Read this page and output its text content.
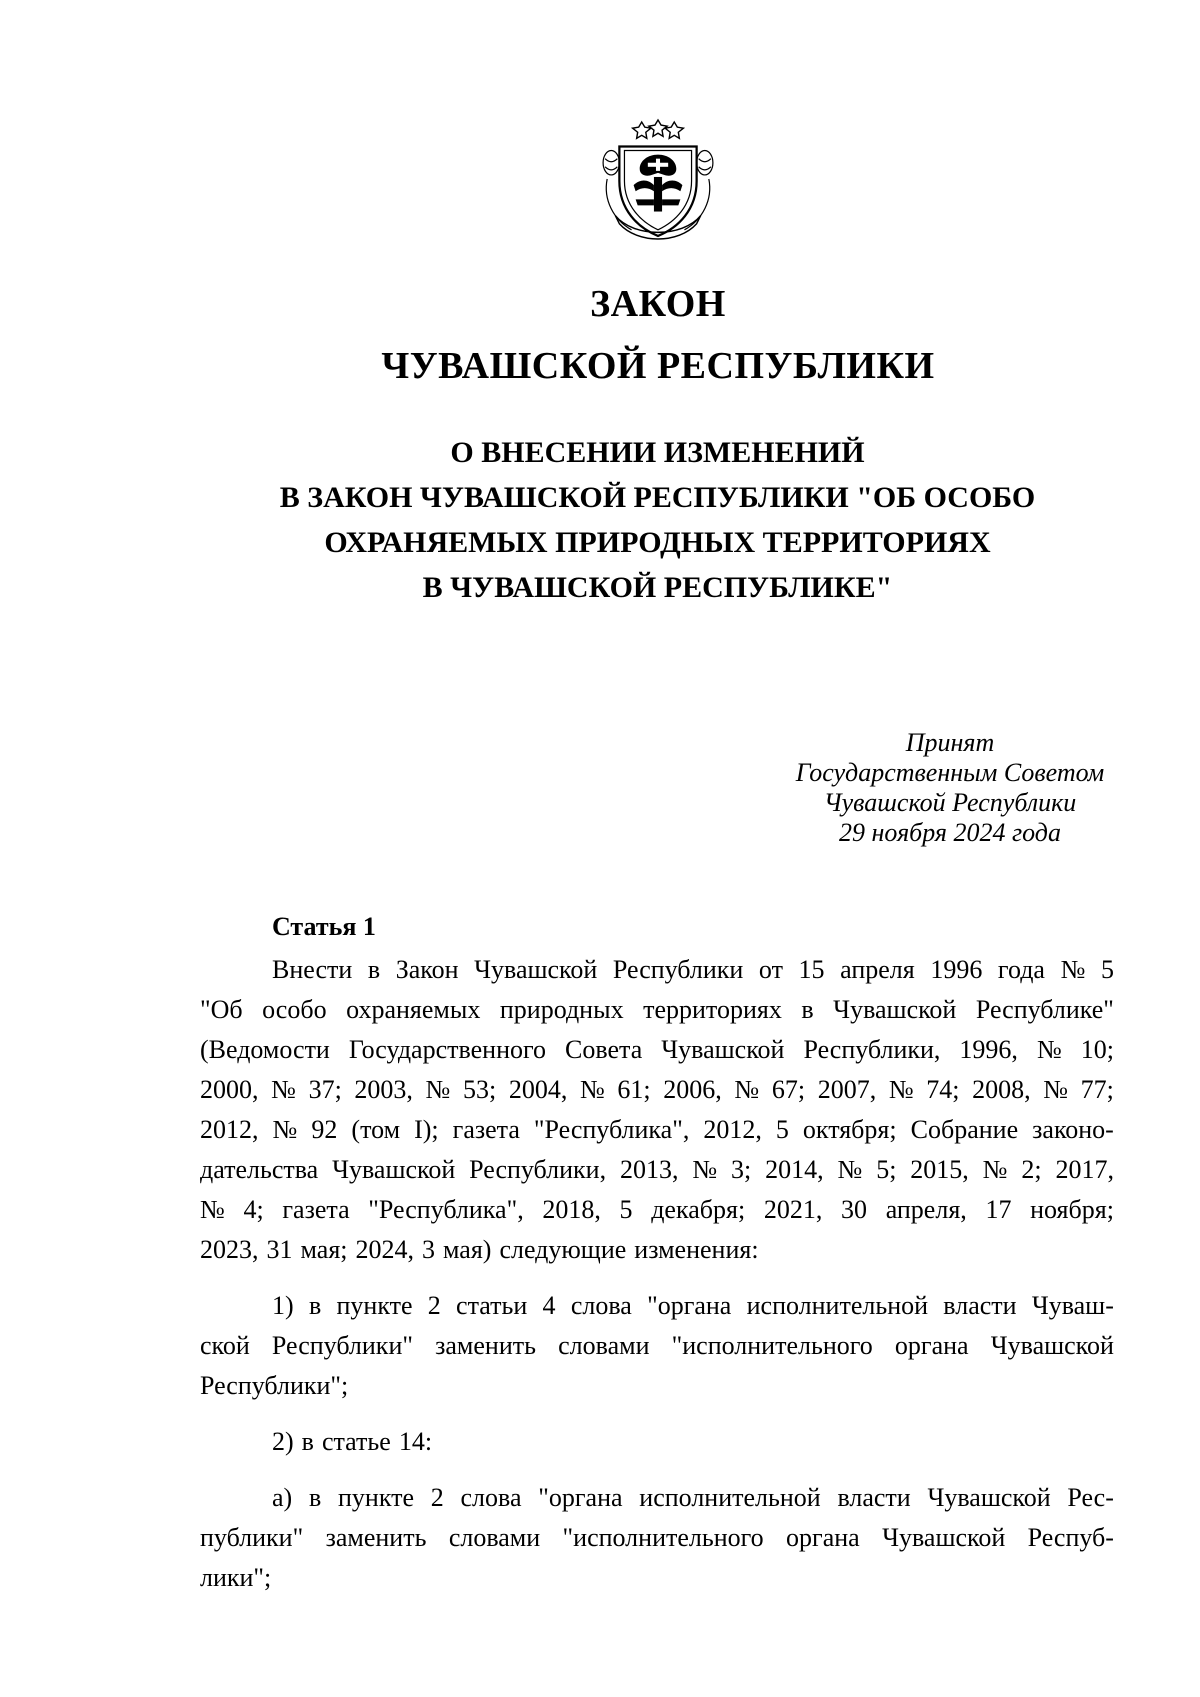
ЗАКОН
ЧУВАШСКОЙ РЕСПУБЛИКИ
О ВНЕСЕНИИ ИЗМЕНЕНИЙ
В ЗАКОН ЧУВАШСКОЙ РЕСПУБЛИКИ "ОБ ОСОБО
ОХРАНЯЕМЫХ ПРИРОДНЫХ ТЕРРИТОРИЯХ
В ЧУВАШСКОЙ РЕСПУБЛИКЕ"
Принят
Государственным Советом
Чувашской Республики
29 ноября 2024 года
Статья 1
Внести в Закон Чувашской Республики от 15 апреля 1996 года № 5
"Об особо охраняемых природных территориях в Чувашской Республике"
(Ведомости Государственного Совета Чувашской Республики, 1996, № 10;
2000, № 37; 2003, № 53; 2004, № 61; 2006, № 67; 2007, № 74; 2008, № 77;
2012, № 92 (том I); газета "Республика", 2012, 5 октября; Собрание законо-
дательства Чувашской Республики, 2013, № 3; 2014, № 5; 2015, № 2; 2017,
№ 4; газета "Республика", 2018, 5 декабря; 2021, 30 апреля, 17 ноября;
2023, 31 мая; 2024, 3 мая) следующие изменения:
1) в пункте 2 статьи 4 слова "органа исполнительной власти Чуваш-
ской Республики" заменить словами "исполнительного органа Чувашской
Республики";
2) в статье 14:
а) в пункте 2 слова "органа исполнительной власти Чувашской Рес-
публики" заменить словами "исполнительного органа Чувашской Респуб-
лики";
